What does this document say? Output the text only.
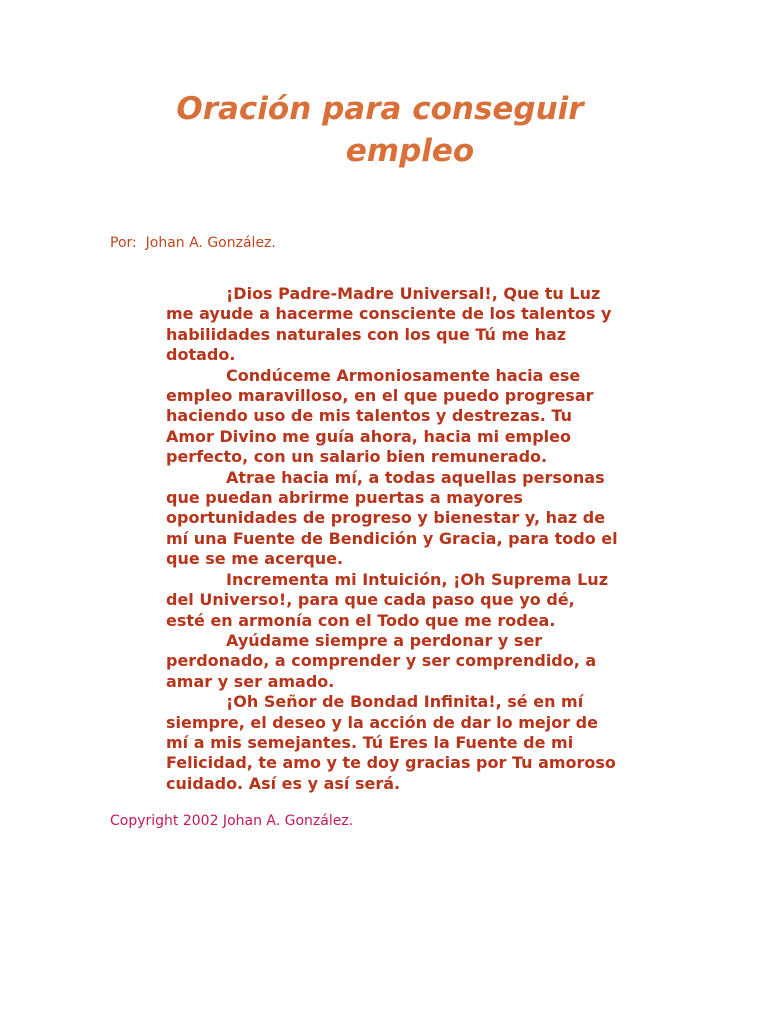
Oración para conseguir
empleo
Por:  Johan A. González.
¡Dios Padre-Madre Universal!, Que tu Luz
me ayude a hacerme consciente de los talentos y
habilidades naturales con los que Tú me haz
dotado.
Condúceme Armoniosamente hacia ese
empleo maravilloso, en el que puedo progresar
haciendo uso de mis talentos y destrezas. Tu
Amor Divino me guía ahora, hacia mi empleo
perfecto, con un salario bien remunerado.
Atrae hacia mí, a todas aquellas personas
que puedan abrirme puertas a mayores
oportunidades de progreso y bienestar y, haz de
mí una Fuente de Bendición y Gracia, para todo el
que se me acerque.
Incrementa mi Intuición, ¡Oh Suprema Luz
del Universo!, para que cada paso que yo dé,
esté en armonía con el Todo que me rodea.
Ayúdame siempre a perdonar y ser
perdonado, a comprender y ser comprendido, a
amar y ser amado.
¡Oh Señor de Bondad Infinita!, sé en mí
siempre, el deseo y la acción de dar lo mejor de
mí a mis semejantes. Tú Eres la Fuente de mi
Felicidad, te amo y te doy gracias por Tu amoroso
cuidado. Así es y así será.
Copyright 2002 Johan A. González.
